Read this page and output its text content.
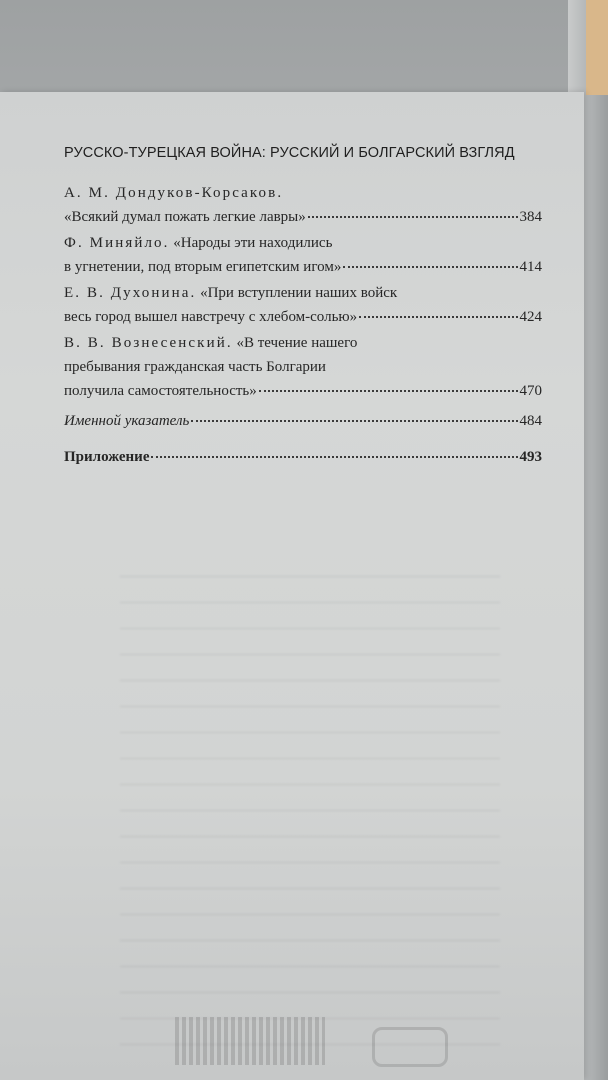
РУССКО-ТУРЕЦКАЯ ВОЙНА: РУССКИЙ И БОЛГАРСКИЙ ВЗГЛЯД
А. М. Дондуков-Корсаков.
«Всякий думал пожать легкие лавры»	384
Ф. Миняйло. «Народы эти находились
в угнетении, под вторым египетским игом»	414
Е. В. Духонина. «При вступлении наших войск
весь город вышел навстречу с хлебом-солью»	424
В. В. Вознесенский. «В течение нашего
пребывания гражданская часть Болгарии
получила самостоятельность»	470
Именной указатель	484
Приложение	493
